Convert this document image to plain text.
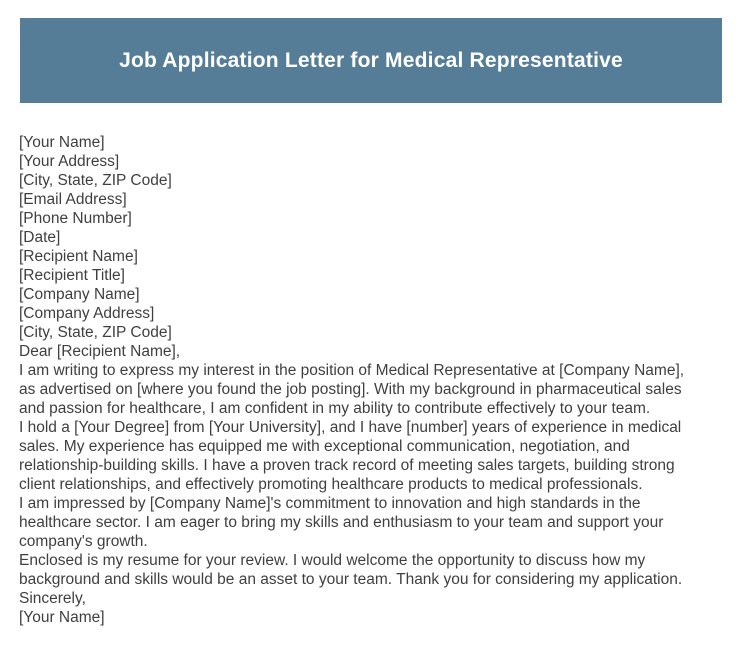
Job Application Letter for Medical Representative
[Your Name]
[Your Address]
[City, State, ZIP Code]
[Email Address]
[Phone Number]
[Date]
[Recipient Name]
[Recipient Title]
[Company Name]
[Company Address]
[City, State, ZIP Code]
Dear [Recipient Name],
I am writing to express my interest in the position of Medical Representative at [Company Name],
as advertised on [where you found the job posting]. With my background in pharmaceutical sales
and passion for healthcare, I am confident in my ability to contribute effectively to your team.
I hold a [Your Degree] from [Your University], and I have [number] years of experience in medical
sales. My experience has equipped me with exceptional communication, negotiation, and
relationship-building skills. I have a proven track record of meeting sales targets, building strong
client relationships, and effectively promoting healthcare products to medical professionals.
I am impressed by [Company Name]'s commitment to innovation and high standards in the
healthcare sector. I am eager to bring my skills and enthusiasm to your team and support your
company's growth.
Enclosed is my resume for your review. I would welcome the opportunity to discuss how my
background and skills would be an asset to your team. Thank you for considering my application.
Sincerely,
[Your Name]
